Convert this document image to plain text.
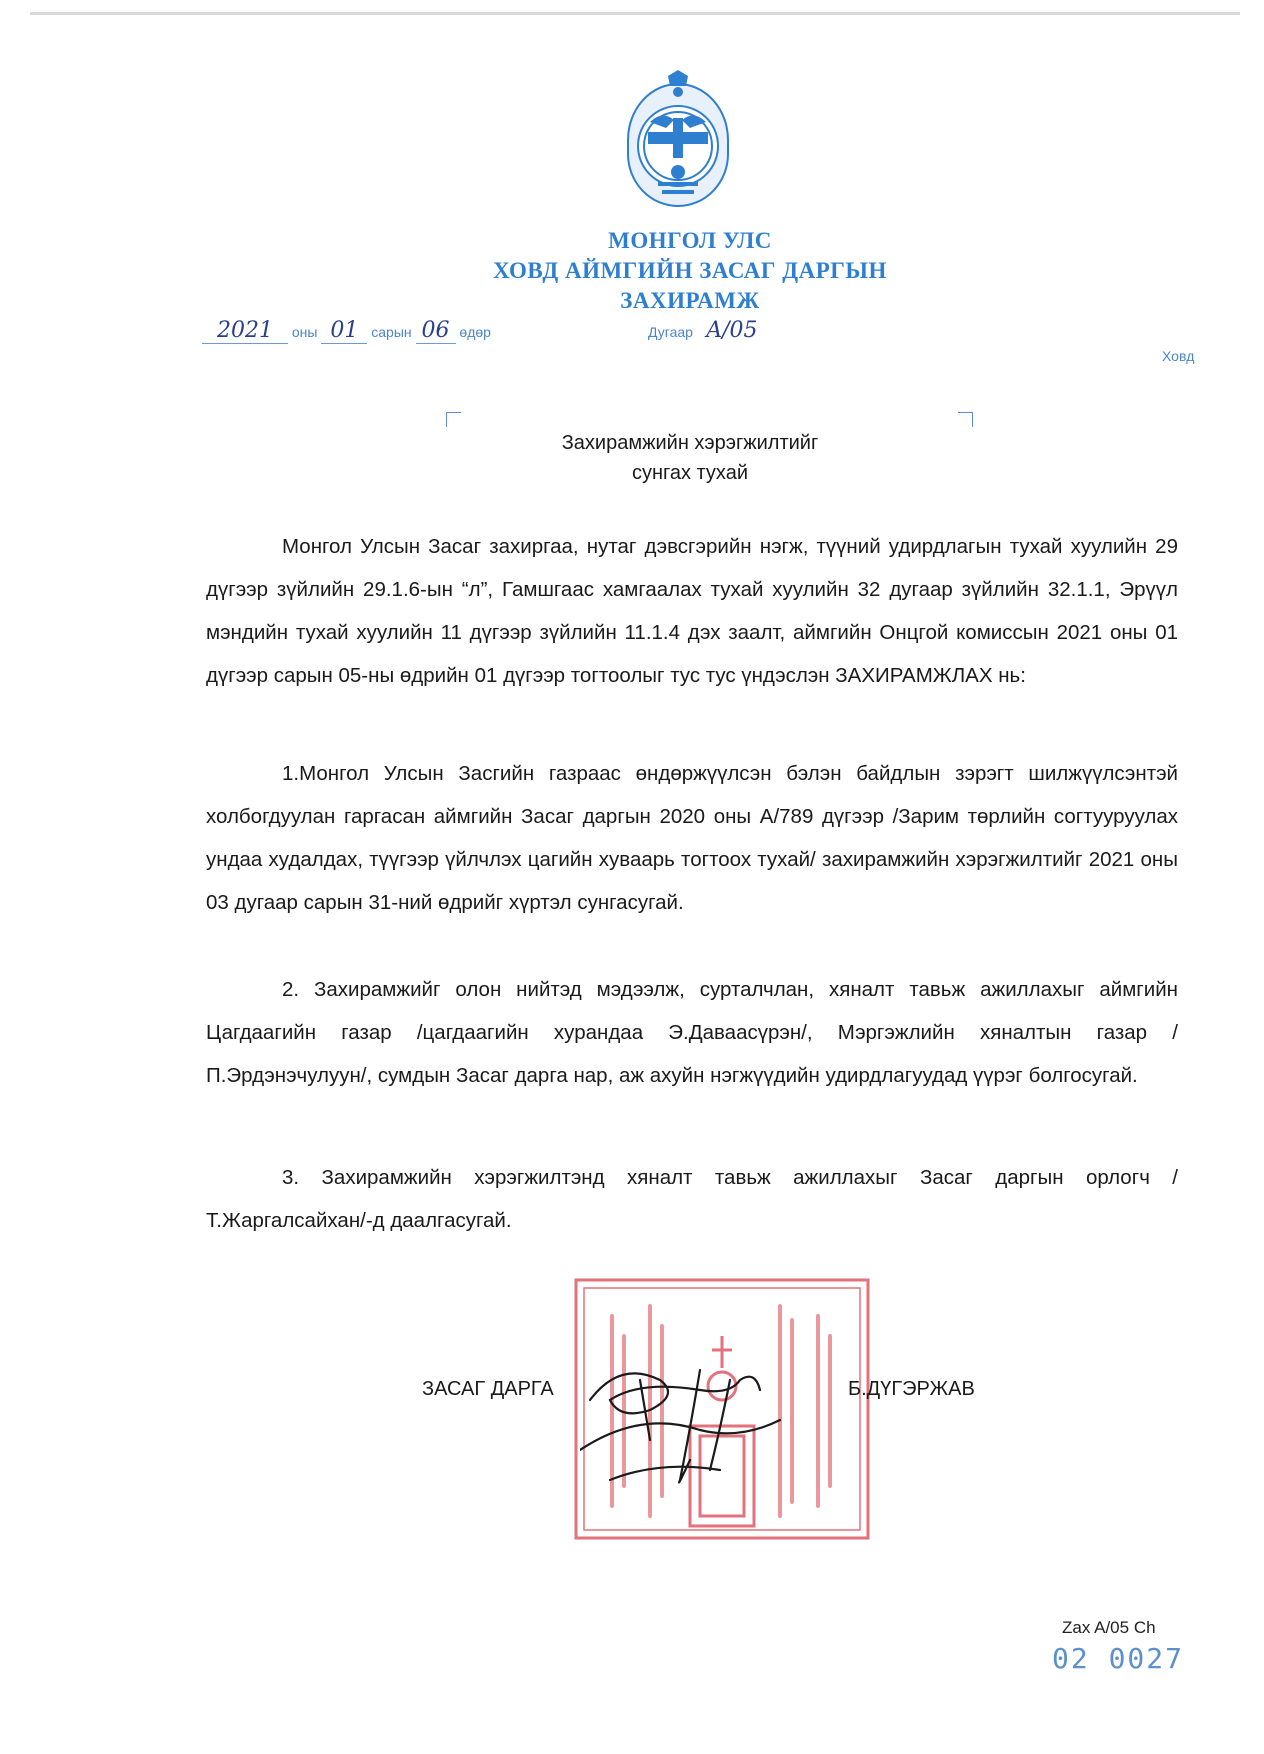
МОНГОЛ УЛС
ХОВД АЙМГИЙН ЗАСАГ ДАРГЫН
ЗАХИРАМЖ
2021 оны 01 сарын 06 өдөр	Дугаар A/05
Ховд
Захирамжийн хэрэгжилтийг
сунгах тухай

Монгол Улсын Засаг захиргаа, нутаг дэвсгэрийн нэгж, түүний удирдлагын тухай хуулийн 29 дүгээр зүйлийн 29.1.6-ын “л”, Гамшгаас хамгаалах тухай хуулийн 32 дугаар зүйлийн 32.1.1, Эрүүл мэндийн тухай хуулийн 11 дүгээр зүйлийн 11.1.4 дэх заалт, аймгийн Онцгой комиссын 2021 оны 01 дүгээр сарын 05-ны өдрийн 01 дүгээр тогтоолыг тус тус үндэслэн ЗАХИРАМЖЛАХ нь:

1.Монгол Улсын Засгийн газраас өндөржүүлсэн бэлэн байдлын зэрэгт шилжүүлсэнтэй холбогдуулан гаргасан аймгийн Засаг даргын 2020 оны А/789 дүгээр /Зарим төрлийн согтууруулах ундаа худалдах, түүгээр үйлчлэх цагийн хуваарь тогтоох тухай/ захирамжийн хэрэгжилтийг 2021 оны 03 дугаар сарын 31-ний өдрийг хүртэл сунгасугай.

2. Захирамжийг олон нийтэд мэдээлж, сурталчлан, хяналт тавьж ажиллахыг аймгийн Цагдаагийн газар /цагдаагийн хурандаа Э.Даваасүрэн/, Мэргэжлийн хяналтын газар /П.Эрдэнэчулуун/, сумдын Засаг дарга нар, аж ахуйн нэгжүүдийн удирдлагуудад үүрэг болгосугай.

3. Захирамжийн хэрэгжилтэнд хяналт тавьж ажиллахыг Засаг даргын орлогч /Т.Жаргалсайхан/-д даалгасугай.

ЗАСАГ ДАРГА	Б.ДҮГЭРЖАВ
Zax A/05 Ch
02 0027
